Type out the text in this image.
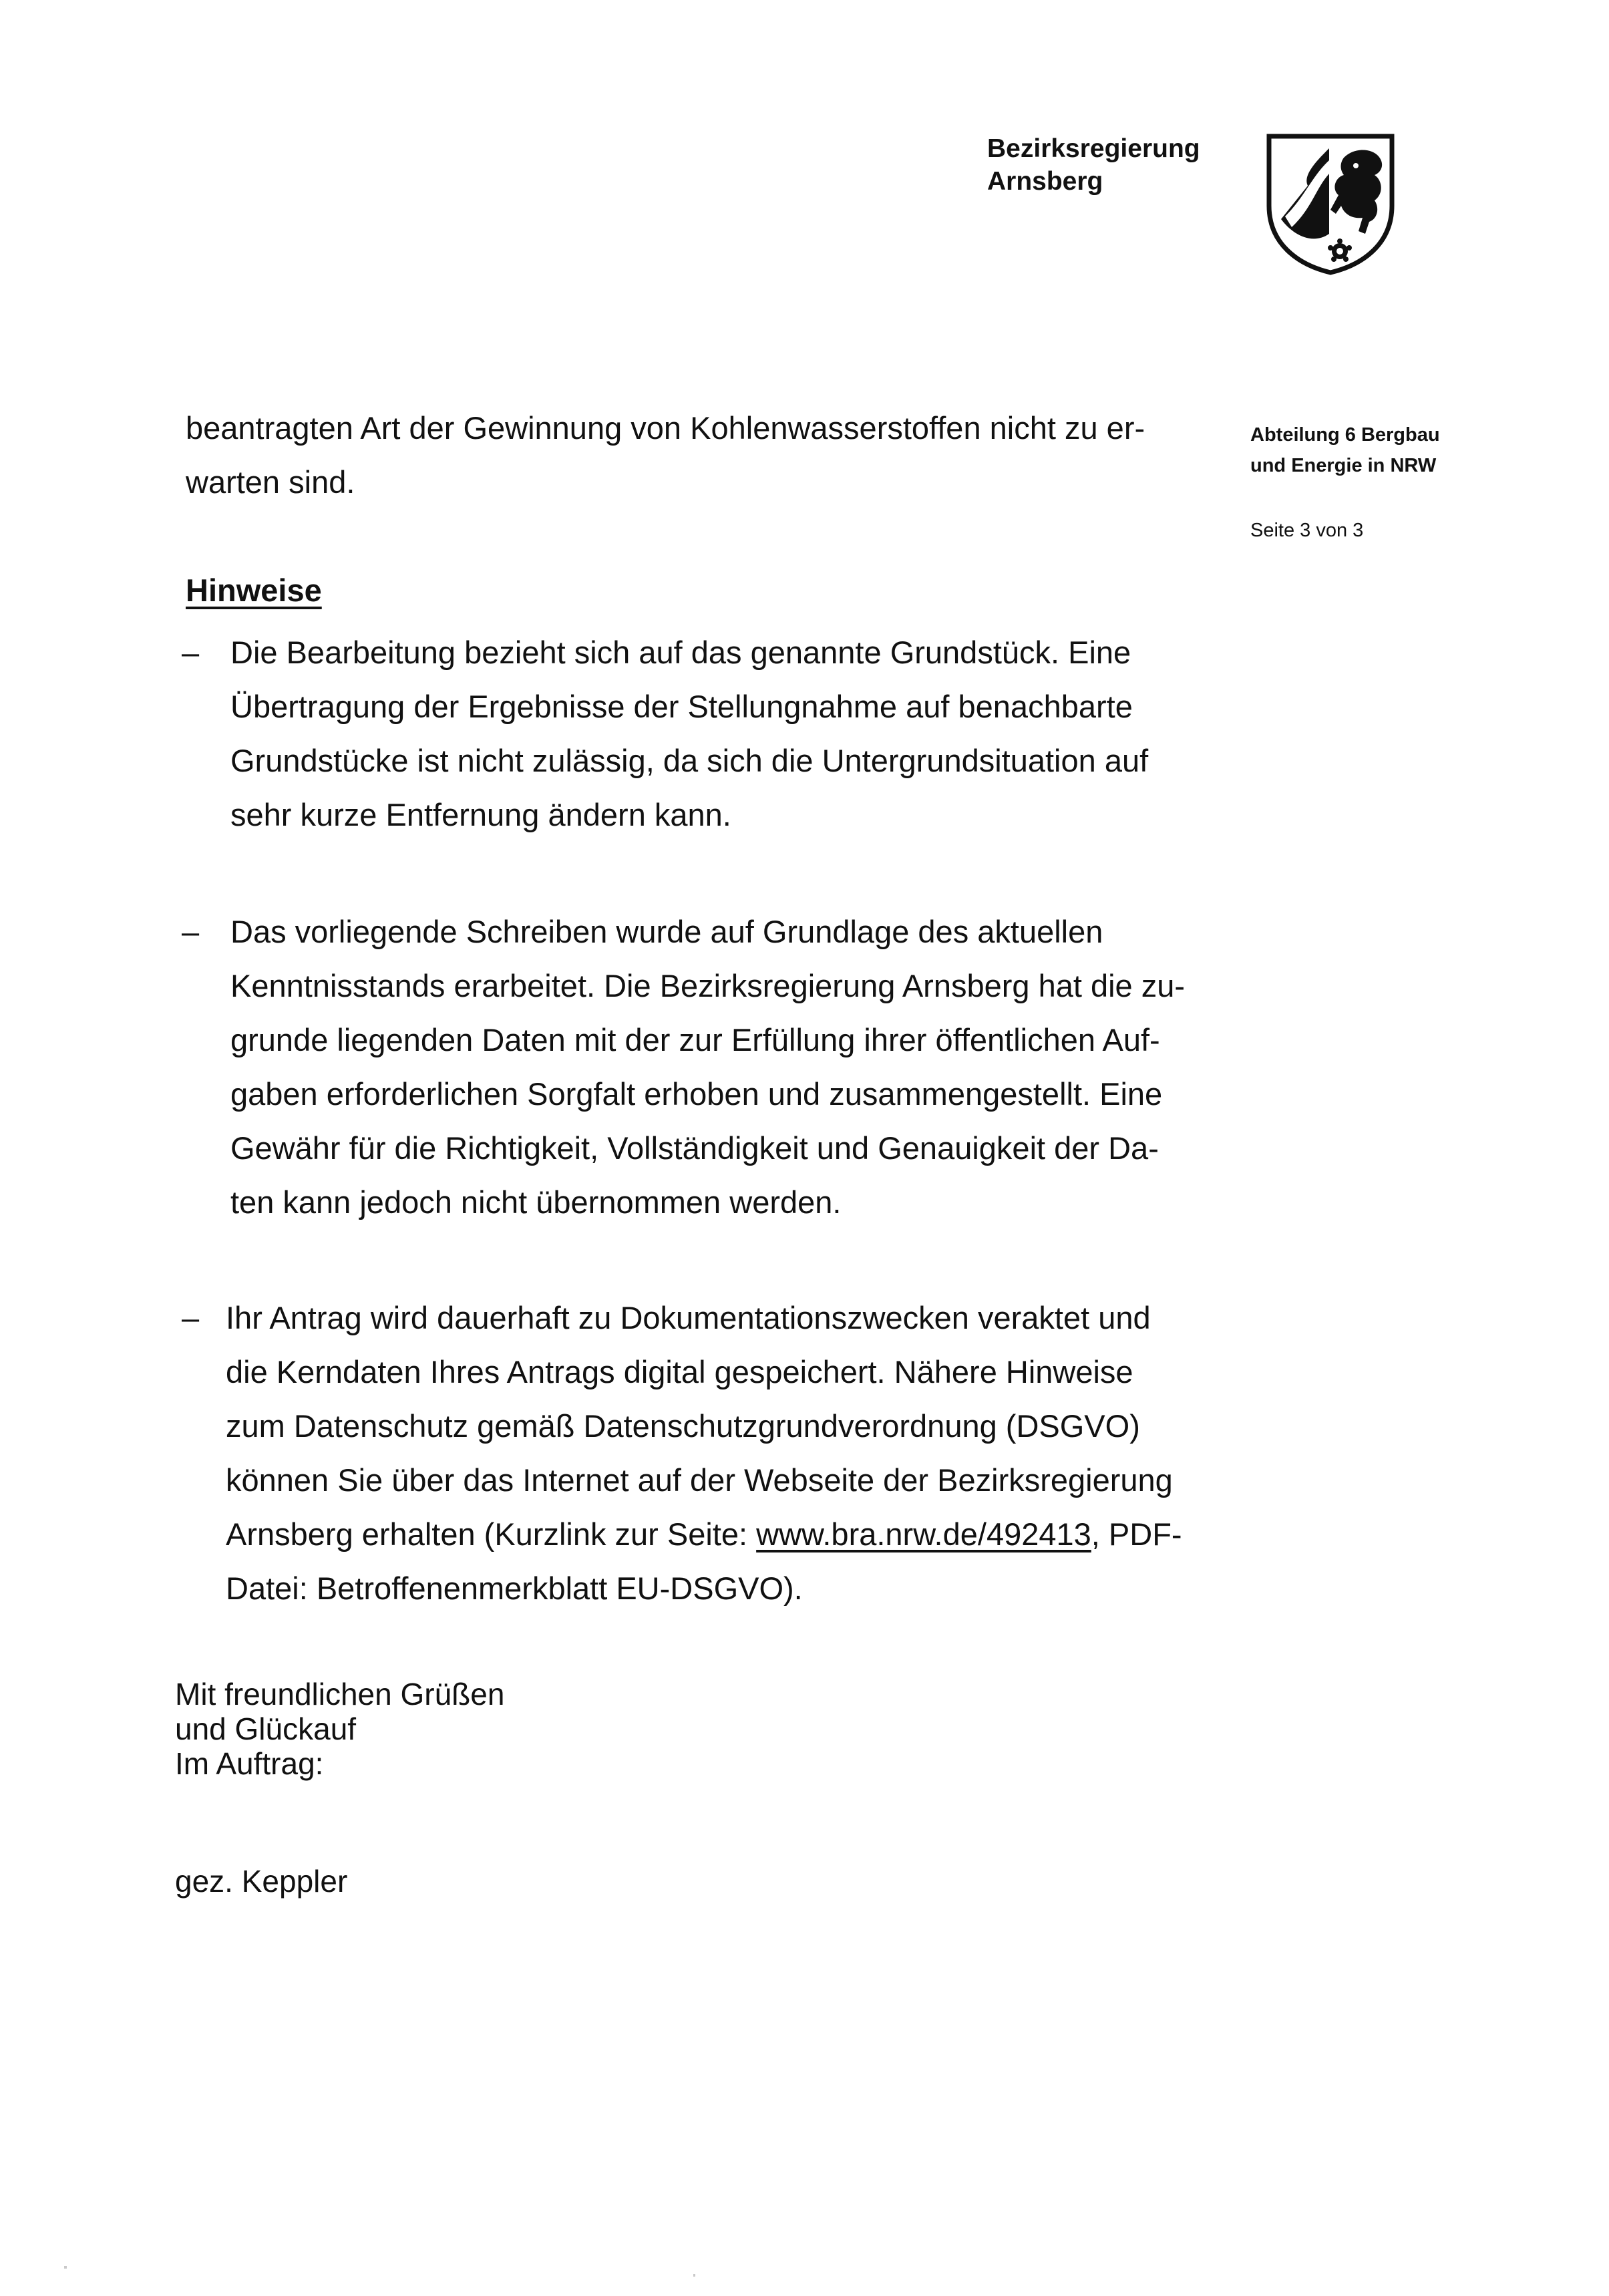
Bezirksregierung
Arnsberg
Abteilung 6 Bergbau
und Energie in NRW
Seite 3 von 3
beantragten Art der Gewinnung von Kohlenwasserstoffen nicht zu er-
warten sind.
Hinweise
– Die Bearbeitung bezieht sich auf das genannte Grundstück. Eine
Übertragung der Ergebnisse der Stellungnahme auf benachbarte
Grundstücke ist nicht zulässig, da sich die Untergrundsituation auf
sehr kurze Entfernung ändern kann.
– Das vorliegende Schreiben wurde auf Grundlage des aktuellen
Kenntnisstands erarbeitet. Die Bezirksregierung Arnsberg hat die zu-
grunde liegenden Daten mit der zur Erfüllung ihrer öffentlichen Auf-
gaben erforderlichen Sorgfalt erhoben und zusammengestellt. Eine
Gewähr für die Richtigkeit, Vollständigkeit und Genauigkeit der Da-
ten kann jedoch nicht übernommen werden.
– Ihr Antrag wird dauerhaft zu Dokumentationszwecken veraktet und
die Kerndaten Ihres Antrags digital gespeichert. Nähere Hinweise
zum Datenschutz gemäß Datenschutzgrundverordnung (DSGVO)
können Sie über das Internet auf der Webseite der Bezirksregierung
Arnsberg erhalten (Kurzlink zur Seite: www.bra.nrw.de/492413, PDF-
Datei: Betroffenenmerkblatt EU-DSGVO).
Mit freundlichen Grüßen
und Glückauf
Im Auftrag:
gez. Keppler
